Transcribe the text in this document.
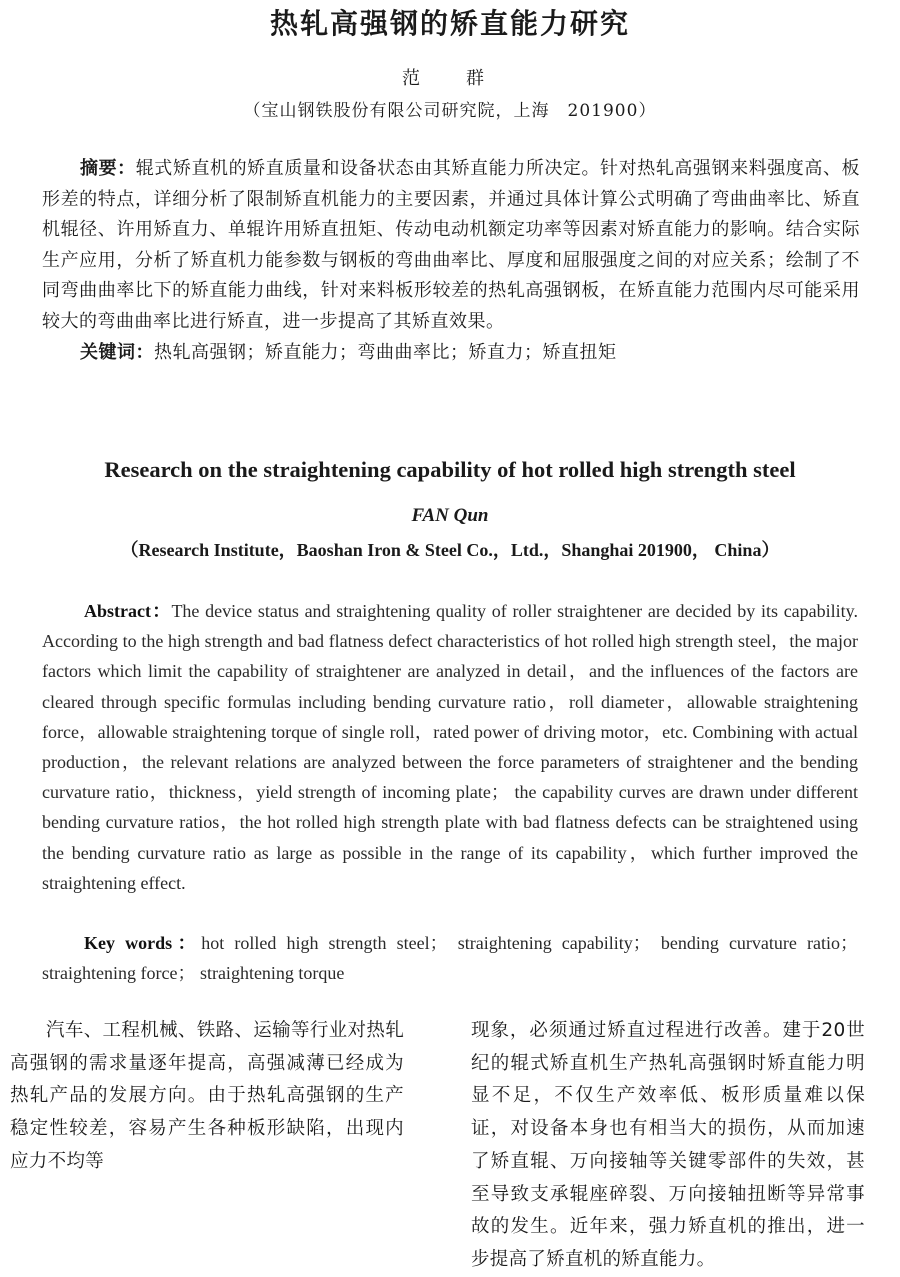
热轧高强钢的矫直能力研究
范　群
（宝山钢铁股份有限公司研究院，上海　201900）

摘要：辊式矫直机的矫直质量和设备状态由其矫直能力所决定。针对热轧高强钢来料强度高、板形差的特点，详细分析了限制矫直机能力的主要因素，并通过具体计算公式明确了弯曲曲率比、矫直机辊径、许用矫直力、单辊许用矫直扭矩、传动电动机额定功率等因素对矫直能力的影响。结合实际生产应用，分析了矫直机力能参数与钢板的弯曲曲率比、厚度和屈服强度之间的对应关系；绘制了不同弯曲曲率比下的矫直能力曲线，针对来料板形较差的热轧高强钢板，在矫直能力范围内尽可能采用较大的弯曲曲率比进行矫直，进一步提高了其矫直效果。

关键词：热轧高强钢；矫直能力；弯曲曲率比；矫直力；矫直扭矩

Research on the straightening capability of hot rolled high strength steel
FAN Qun
（Research Institute，Baoshan Iron & Steel Co.，Ltd.，Shanghai 201900， China）

Abstract：The device status and straightening quality of roller straightener are decided by its capability. According to the high strength and bad flatness defect characteristics of hot rolled high strength steel，the major factors which limit the capability of straightener are analyzed in detail，and the influences of the factors are cleared through specific formulas including bending curvature ratio，roll diameter，allowable straightening force，allowable straightening torque of single roll，rated power of driving motor，etc. Combining with actual production，the relevant relations are analyzed between the force parameters of straightener and the bending curvature ratio，thickness，yield strength of incoming plate； the capability curves are drawn under different bending curvature ratios，the hot rolled high strength plate with bad flatness defects can be straightened using the bending curvature ratio as large as possible in the range of its capability，which further improved the straightening effect.

Key words：hot rolled high strength steel； straightening capability； bending curvature ratio； straightening force； straightening torque

汽车、工程机械、铁路、运输等行业对热轧高强钢的需求量逐年提高，高强减薄已经成为热轧产品的发展方向。由于热轧高强钢的生产稳定性较差，容易产生各种板形缺陷，出现内应力不均等

现象，必须通过矫直过程进行改善。建于20世纪的辊式矫直机生产热轧高强钢时矫直能力明显不足，不仅生产效率低、板形质量难以保证，对设备本身也有相当大的损伤，从而加速了矫直辊、万向接轴等关键零部件的失效，甚至导致支承辊座碎裂、万向接轴扭断等异常事故的发生。近年来，强力矫直机的推出，进一步提高了矫直机的矫直能力。
